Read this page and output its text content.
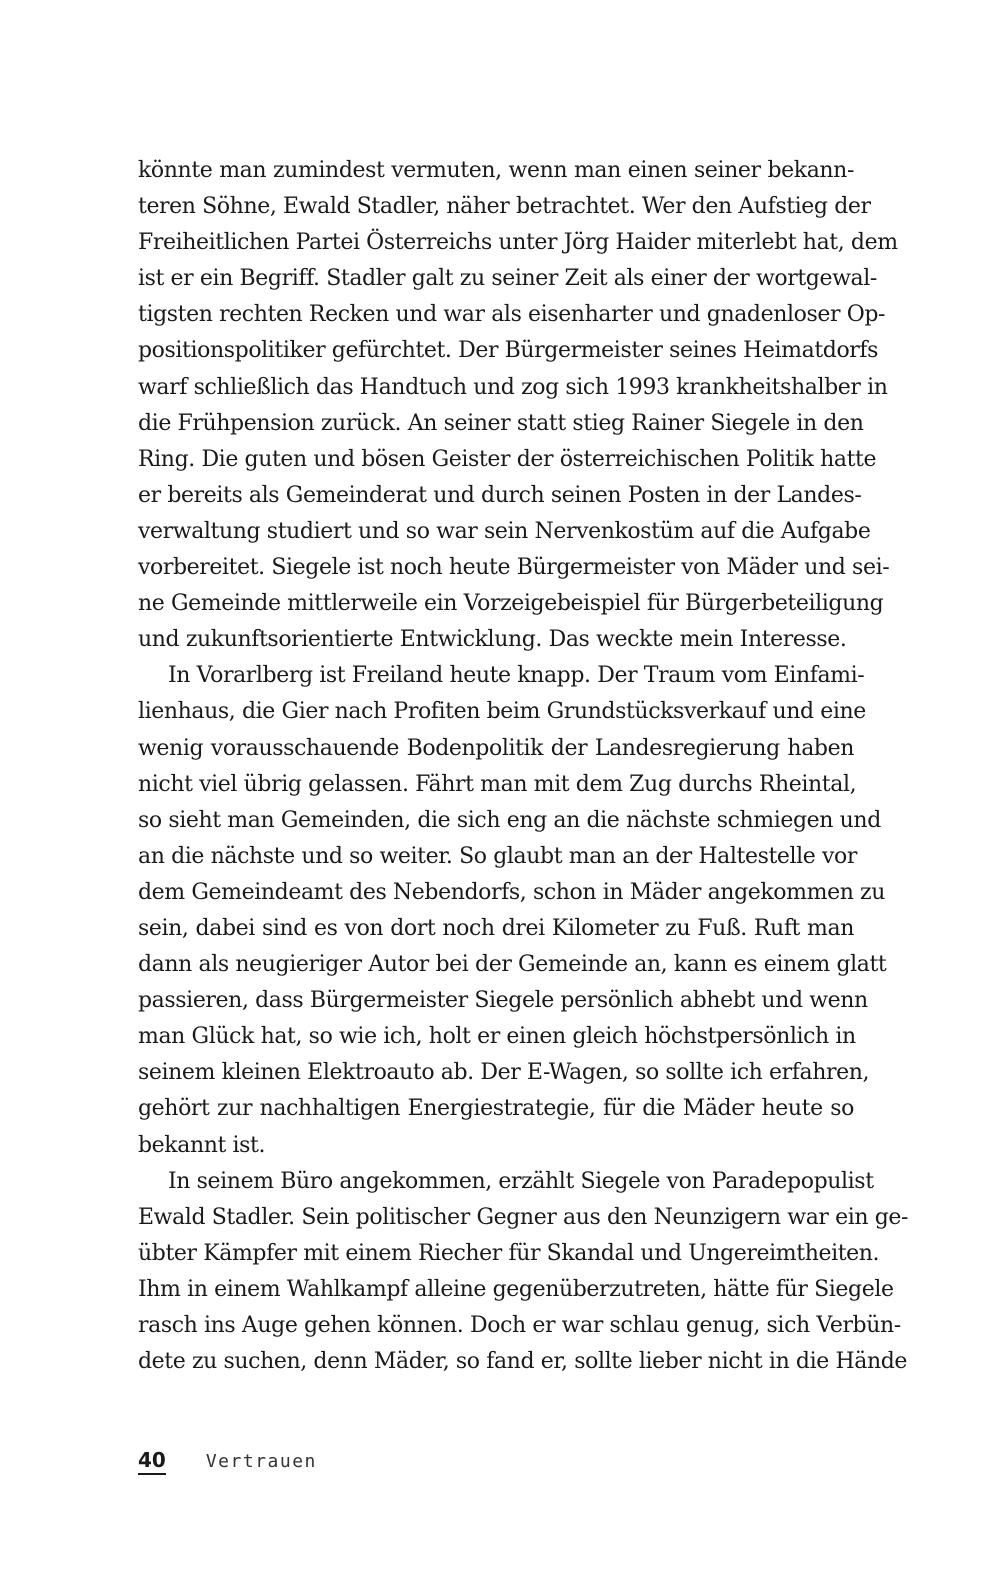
könnte man zumindest vermuten, wenn man einen seiner bekann-
teren Söhne, Ewald Stadler, näher betrachtet. Wer den Aufstieg der
Freiheitlichen Partei Österreichs unter Jörg Haider miterlebt hat, dem
ist er ein Begriff. Stadler galt zu seiner Zeit als einer der wortgewal-
tigsten rechten Recken und war als eisenharter und gnadenloser Op-
positionspolitiker gefürchtet. Der Bürgermeister seines Heimatdorfs
warf schließlich das Handtuch und zog sich 1993 krankheitshalber in
die Frühpension zurück. An seiner statt stieg Rainer Siegele in den
Ring. Die guten und bösen Geister der österreichischen Politik hatte
er bereits als Gemeinderat und durch seinen Posten in der Landes-
verwaltung studiert und so war sein Nervenkostüm auf die Aufgabe
vorbereitet. Siegele ist noch heute Bürgermeister von Mäder und sei-
ne Gemeinde mittlerweile ein Vorzeigebeispiel für Bürgerbeteiligung
und zukunftsorientierte Entwicklung. Das weckte mein Interesse.
In Vorarlberg ist Freiland heute knapp. Der Traum vom Einfami-
lienhaus, die Gier nach Profiten beim Grundstücksverkauf und eine
wenig vorausschauende Bodenpolitik der Landesregierung haben
nicht viel übrig gelassen. Fährt man mit dem Zug durchs Rheintal,
so sieht man Gemeinden, die sich eng an die nächste schmiegen und
an die nächste und so weiter. So glaubt man an der Haltestelle vor
dem Gemeindeamt des Nebendorfs, schon in Mäder angekommen zu
sein, dabei sind es von dort noch drei Kilometer zu Fuß. Ruft man
dann als neugieriger Autor bei der Gemeinde an, kann es einem glatt
passieren, dass Bürgermeister Siegele persönlich abhebt und wenn
man Glück hat, so wie ich, holt er einen gleich höchstpersönlich in
seinem kleinen Elektroauto ab. Der E-Wagen, so sollte ich erfahren,
gehört zur nachhaltigen Energiestrategie, für die Mäder heute so
bekannt ist.
In seinem Büro angekommen, erzählt Siegele von Paradepopulist
Ewald Stadler. Sein politischer Gegner aus den Neunzigern war ein ge-
übter Kämpfer mit einem Riecher für Skandal und Ungereimtheiten.
Ihm in einem Wahlkampf alleine gegenüberzutreten, hätte für Siegele
rasch ins Auge gehen können. Doch er war schlau genug, sich Verbün-
dete zu suchen, denn Mäder, so fand er, sollte lieber nicht in die Hände
40 Vertrauen
